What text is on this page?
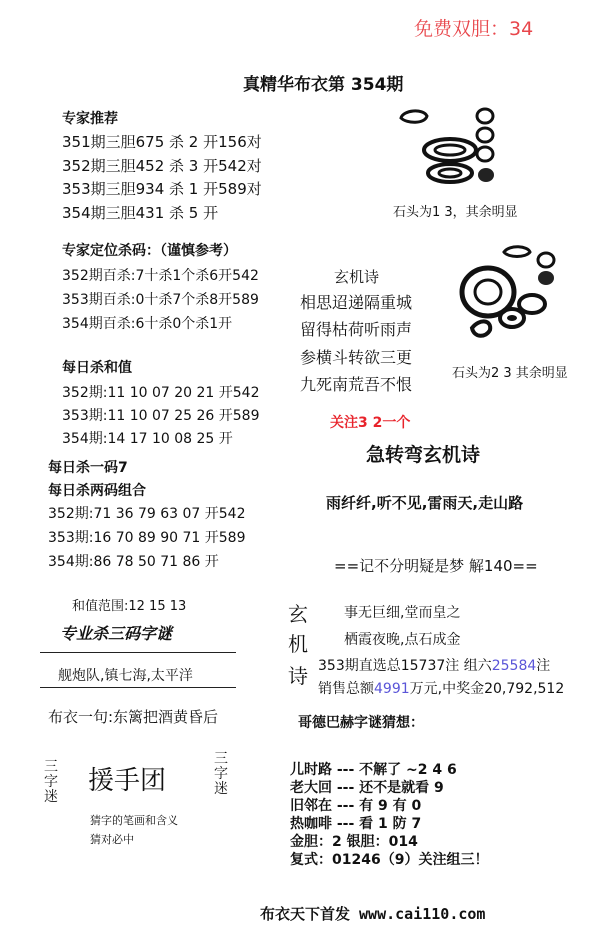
免费双胆：34
真精华布衣第 354期
专家推荐
351期三胆675 杀 2 开156对
352期三胆452 杀 3 开542对
353期三胆934 杀 1 开589对
354期三胆431 杀 5 开	石头为1 3，其余明显
专家定位杀码：（谨慎参考）
352期百杀:7十杀1个杀6开542
353期百杀:0十杀7个杀8开589
354期百杀:6十杀0个杀1开
玄机诗
相思迢递隔重城
留得枯荷听雨声
参横斗转欲三更
九死南荒吾不恨
关注3 2一个
石头为2 3 其余明显
每日杀和值
352期:11 10 07 20 21 开542
353期:11 10 07 25 26 开589
354期:14 17 10 08 25 开
急转弯玄机诗
雨纤纤,听不见,雷雨天,走山路
每日杀一码7
每日杀两码组合
352期:71 36 79 63 07 开542
353期:16 70 89 90 71 开589
354期:86 78 50 71 86 开	==记不分明疑是梦 解140==
和值范围:12 15 13
专业杀三码字谜
舰炮队,镇七海,太平洋
玄
机
诗
事无巨细,堂而皇之
栖霞夜晚,点石成金
353期直选总15737注 组六25584注
销售总额4991万元,中奖金20,792,512
布衣一句:东篱把酒黄昏后	哥德巴赫字谜猜想：
三字迷
三字迷
援手团
猜字的笔画和含义
猜对必中
儿时路 --- 不解了 ~2 4 6
老大回 --- 还不是就看 9
旧邻在 --- 有 9 有 0
热咖啡 --- 看 1 防 7
金胆：2 银胆：014
复式：01246（9）关注组三！
布衣天下首发 www.cai110.com
